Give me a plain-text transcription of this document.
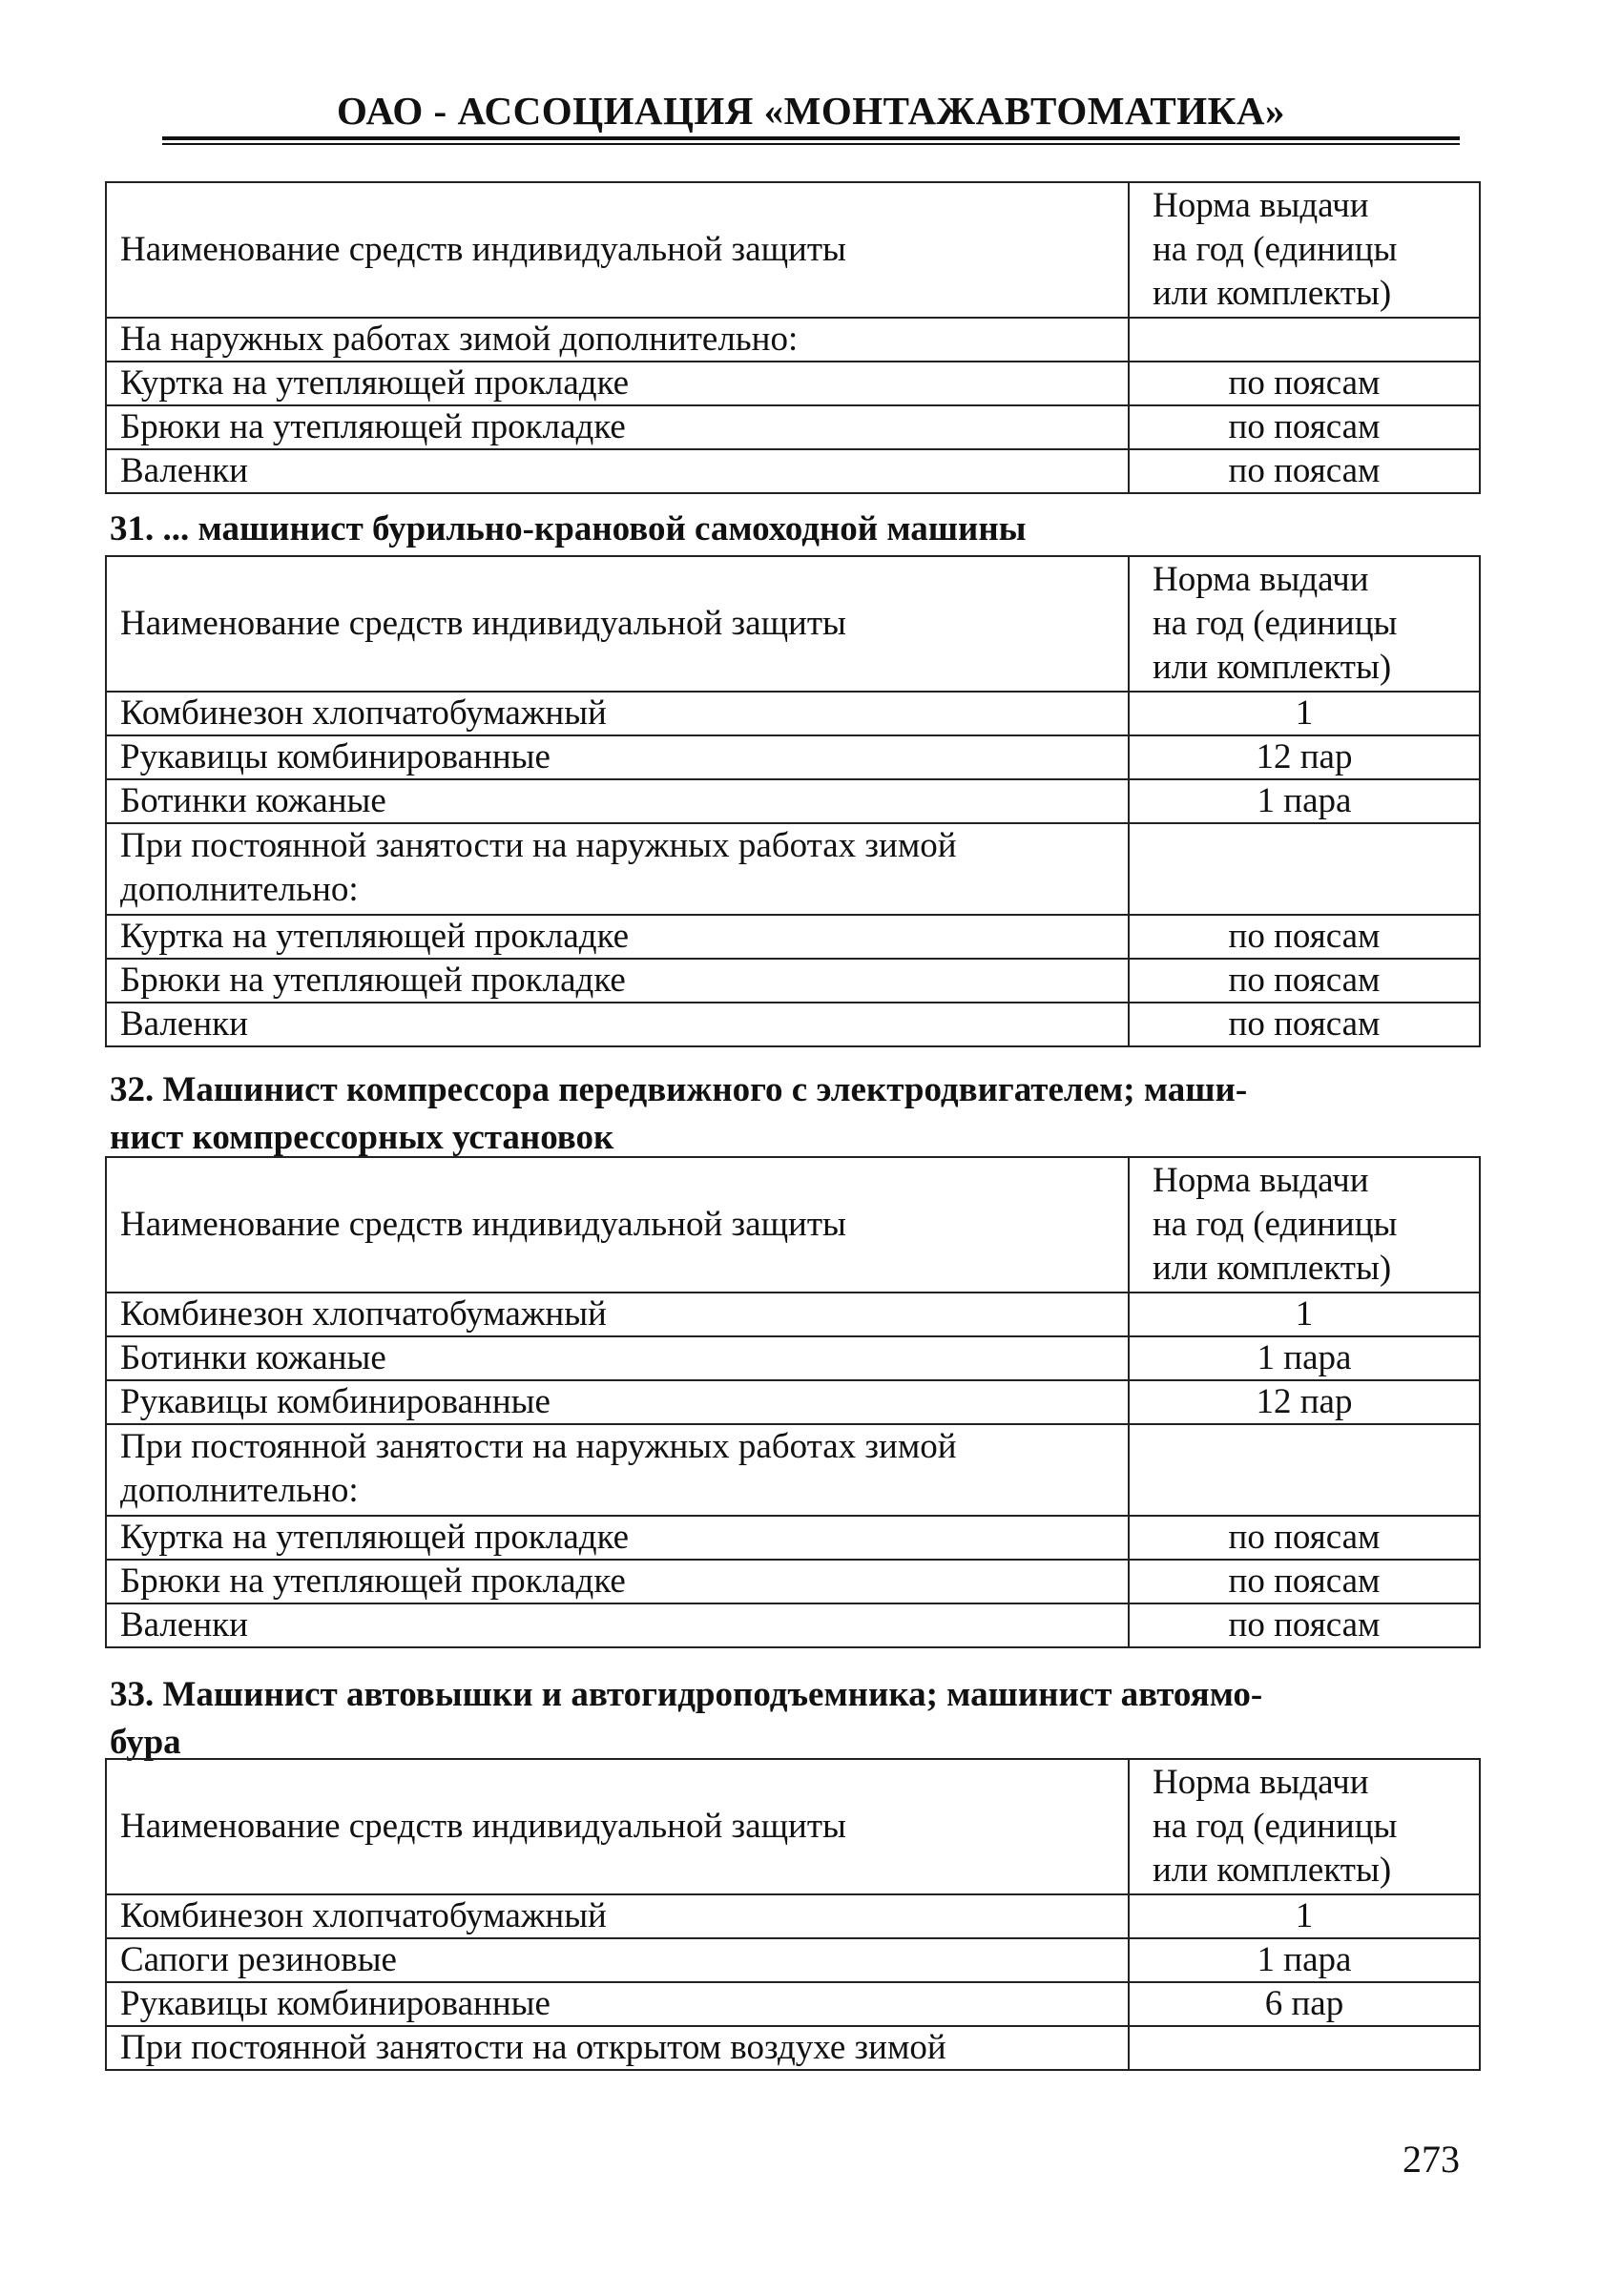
ОАО - АССОЦИАЦИЯ «МОНТАЖАВТОМАТИКА»
Наименование средств индивидуальной защиты	Норма выдачи
на год (единицы
или комплекты)

На наружных работах зимой дополнительно:	
Куртка на утепляющей прокладке	по поясам
Брюки на утепляющей прокладке	по поясам
Валенки	по поясам
31. ... машинист бурильно-крановой самоходной машины
Наименование средств индивидуальной защиты	Норма выдачи
на год (единицы
или комплекты)

Комбинезон хлопчатобумажный	1
Рукавицы комбинированные	12 пар
Ботинки кожаные	1 пара

При постоянной занятости на наружных работах зимой
дополнительно:	

Куртка на утепляющей прокладке	по поясам
Брюки на утепляющей прокладке	по поясам
Валенки	по поясам
32. Машинист компрессора передвижного с электродвигателем; маши-
нист компрессорных установок
Наименование средств индивидуальной защиты	Норма выдачи
на год (единицы
или комплекты)

Комбинезон хлопчатобумажный	1
Ботинки кожаные	1 пара
Рукавицы комбинированные	12 пар

При постоянной занятости на наружных работах зимой
дополнительно:	

Куртка на утепляющей прокладке	по поясам
Брюки на утепляющей прокладке	по поясам
Валенки	по поясам
33. Машинист автовышки и автогидроподъемника; машинист автоямо-
бура
Наименование средств индивидуальной защиты	Норма выдачи
на год (единицы
или комплекты)

Комбинезон хлопчатобумажный	1
Сапоги резиновые	1 пара
Рукавицы комбинированные	6 пар
При постоянной занятости на открытом воздухе зимой	
273
